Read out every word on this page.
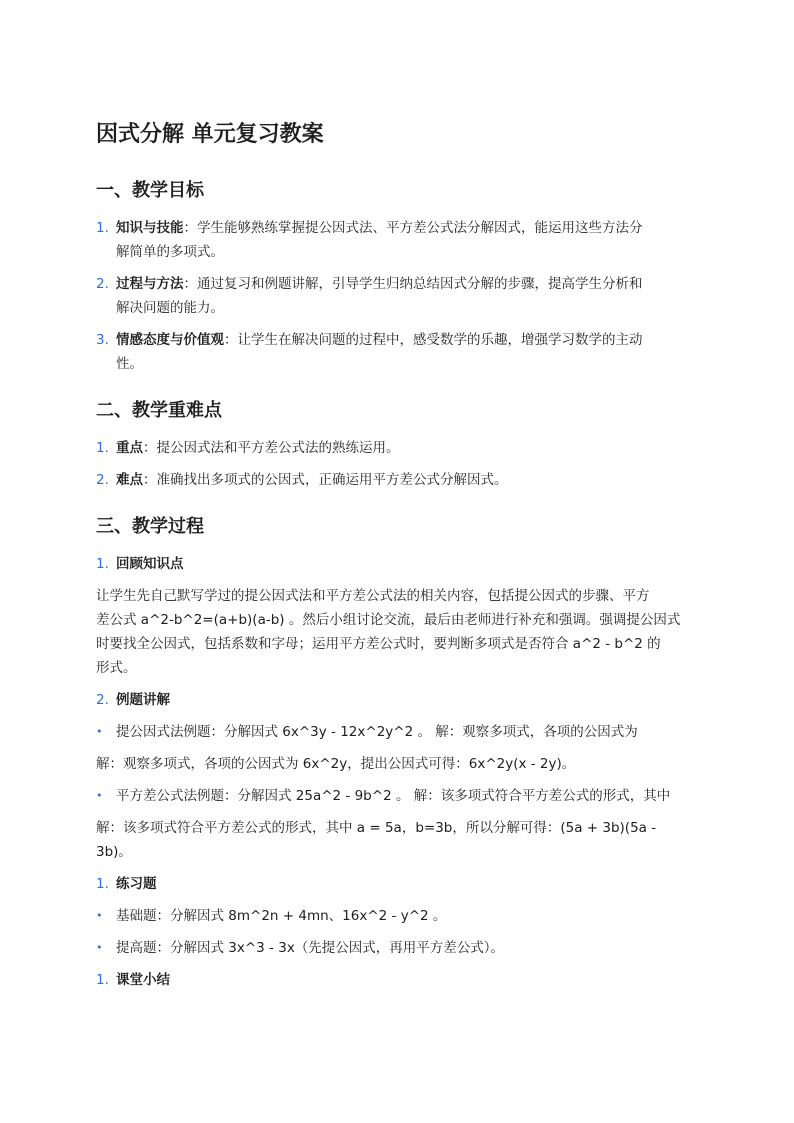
因式分解 单元复习教案
一、教学目标
1. 知识与技能：学生能够熟练掌握提公因式法、平方差公式法分解因式，能运用这些方法分
解简单的多项式。
2. 过程与方法：通过复习和例题讲解，引导学生归纳总结因式分解的步骤，提高学生分析和
解决问题的能力。
3. 情感态度与价值观：让学生在解决问题的过程中，感受数学的乐趣，增强学习数学的主动
性。
二、教学重难点
1. 重点：提公因式法和平方差公式法的熟练运用。
2. 难点：准确找出多项式的公因式，正确运用平方差公式分解因式。
三、教学过程
1. 回顾知识点
让学生先自己默写学过的提公因式法和平方差公式法的相关内容，包括提公因式的步骤、平方
差公式 a^2-b^2=(a+b)(a-b) 。然后小组讨论交流，最后由老师进行补充和强调。强调提公因式
时要找全公因式，包括系数和字母；运用平方差公式时，要判断多项式是否符合 a^2 - b^2 的
形式。
2. 例题讲解
• 提公因式法例题：分解因式 6x^3y - 12x^2y^2 。 解：观察多项式，各项的公因式为
解：观察多项式，各项的公因式为 6x^2y，提出公因式可得：6x^2y(x - 2y)。
• 平方差公式法例题：分解因式 25a^2 - 9b^2 。 解：该多项式符合平方差公式的形式，其中
解：该多项式符合平方差公式的形式，其中 a = 5a，b=3b，所以分解可得：(5a + 3b)(5a -
3b)。
1. 练习题
• 基础题：分解因式 8m^2n + 4mn、16x^2 - y^2 。
• 提高题：分解因式 3x^3 - 3x（先提公因式，再用平方差公式）。
1. 课堂小结
